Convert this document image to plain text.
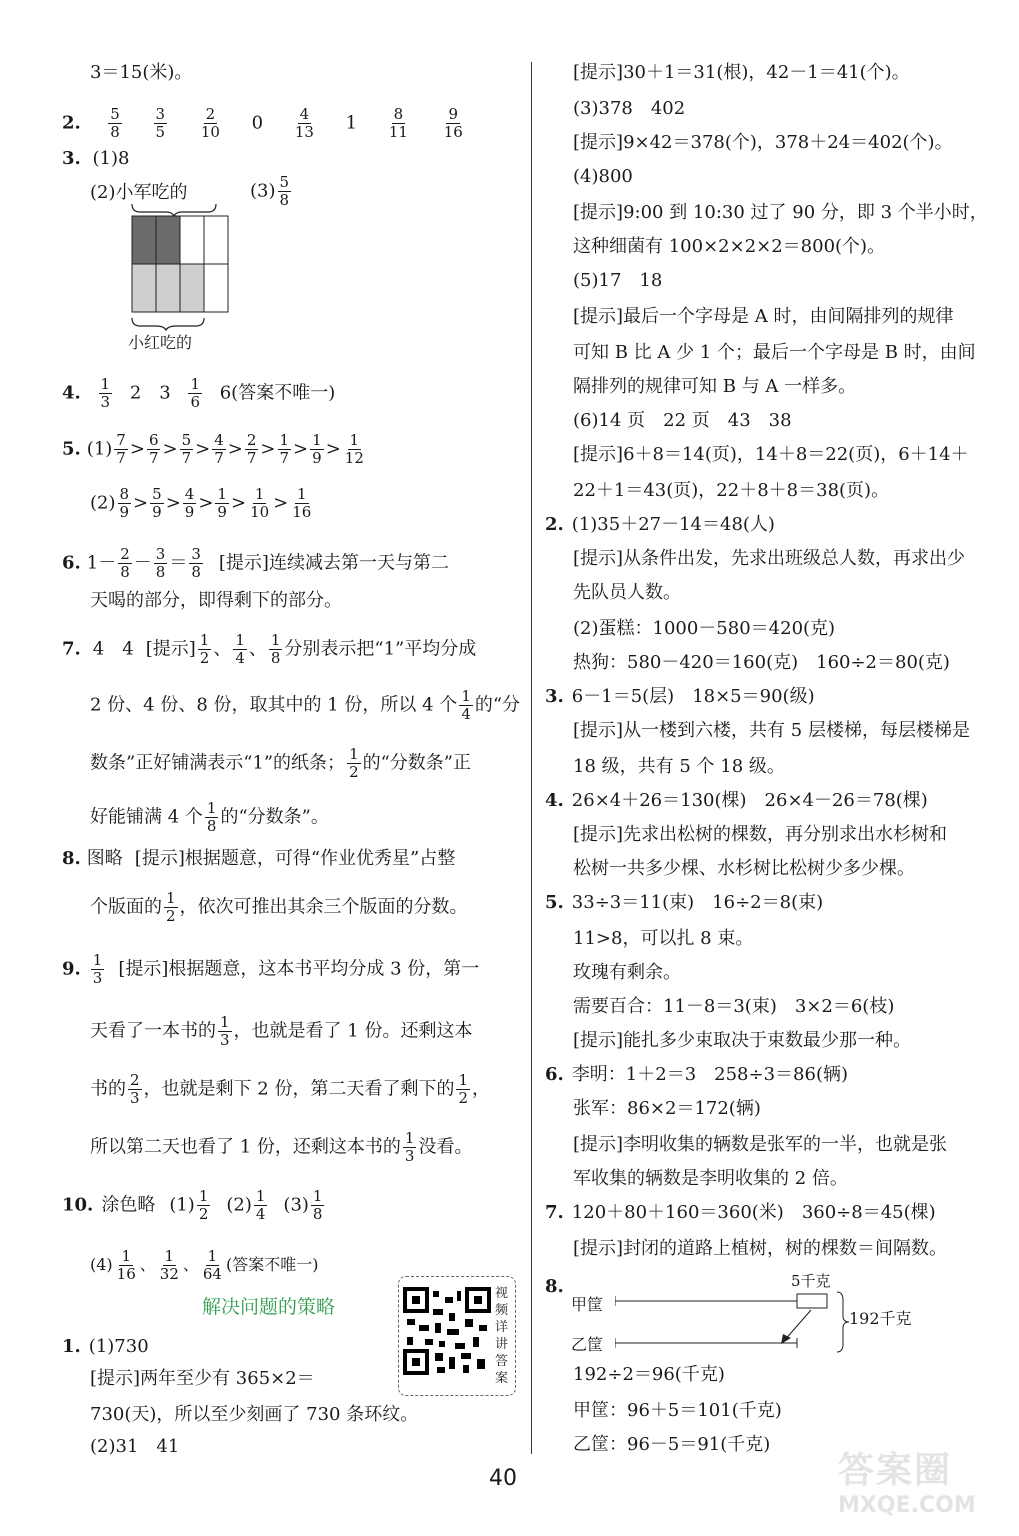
3＝15(米)。
2. $\frac{5}{8}$
$\frac{3}{5}$
$\frac{2}{10} 0 \frac{4}{13} 1 \frac{8}{11}$
$\frac{9}{16}$
3. (1)8
(2)小军吃的	$(3) \frac{5}{8}$
小红吃的
4. $\frac{1}{3} 2$　$3 \frac{1}{6} 6$(答案不唯一)
5. $(1) \frac{7}{7} > \frac{6}{7} > \frac{5}{7} > \frac{4}{7} > \frac{2}{7} > \frac{1}{7} > \frac{1}{9} > \frac{1}{12}$
$(2) \frac{8}{9} > \frac{5}{9} > \frac{4}{9} > \frac{1}{9} > \frac{1}{10} > \frac{1}{16}$
6. $1- \frac{2}{8} - \frac{3}{8} = \frac{3}{8}$ [提示]连续减去第一天与第二
天喝的部分，即得剩下的部分。
7. 4　4 [提示] $\frac{1}{2}$ 、 $\frac{1}{4}$ 、 $\frac{1}{8}$ 分别表示把“1”平均分成
2 份、4 份、8 份，取其中的 1 份，所以 4 个 $\frac{1}{4}$ 的“分
数条”正好铺满表示“1”的纸条； $\frac{1}{2}$ 的“分数条”正
好能铺满 4 个 $\frac{1}{8}$ 的“分数条”。
8. 图略 [提示]根据题意，可得“作业优秀星”占整
个版面的 $\frac{1}{2}$ ，依次可推出其余三个版面的分数。
9. $\frac{1}{3}$ [提示]根据题意，这本书平均分成 3 份，第一
天看了一本书的 $\frac{1}{3}$ ，也就是看了 1 份。还剩这本
书的 $\frac{2}{3}$ ，也就是剩下 2 份，第二天看了剩下的 $\frac{1}{2}$ ，
所以第二天也看了 1 份，还剩这本书的 $\frac{1}{3}$ 没看。
10. 涂色略 $(1) \frac{1}{2} (2) \frac{1}{4} (3) \frac{1}{8}$
$(4) \frac{1}{16}$ 、 $\frac{1}{32}$ 、 $\frac{1}{64}$ (答案不唯一)
解决问题的策略
视频详讲答案
1. (1)730
[提示]两年至少有 365×2＝
730(天)，所以至少刻画了 730 条环纹。
(2)31　41
[提示]30＋1＝31(根)，42－1＝41(个)。
(3)378　402
[提示]9×42＝378(个)，378＋24＝402(个)。
(4)800
[提示]9:00 到 10:30 过了 90 分，即 3 个半小时，
这种细菌有 100×2×2×2＝800(个)。
(5)17　18
[提示]最后一个字母是 A 时，由间隔排列的规律
可知 B 比 A 少 1 个；最后一个字母是 B 时，由间
隔排列的规律可知 B 与 A 一样多。
(6)14 页　22 页　43　38
[提示]6＋8＝14(页)，14＋8＝22(页)，6＋14＋
22＋1＝43(页)，22＋8＋8＝38(页)。
2. (1)35＋27－14＝48(人)
[提示]从条件出发，先求出班级总人数，再求出少
先队员人数。
(2)蛋糕：1000－580＝420(克)
热狗：580－420＝160(克)　160÷2＝80(克)
3. 6－1＝5(层)　18×5＝90(级)
[提示]从一楼到六楼，共有 5 层楼梯，每层楼梯是
18 级，共有 5 个 18 级。
4. 26×4＋26＝130(棵)　26×4－26＝78(棵)
[提示]先求出松树的棵数，再分别求出水杉树和
松树一共多少棵、水杉树比松树少多少棵。
5. 33÷3＝11(束)　16÷2＝8(束)
11>8，可以扎 8 束。
玫瑰有剩余。
需要百合：11－8＝3(束)　3×2＝6(枝)
[提示]能扎多少束取决于束数最少那一种。
6. 李明：1＋2＝3　258÷3＝86(辆)
张军：86×2＝172(辆)
[提示]李明收集的辆数是张军的一半，也就是张
军收集的辆数是李明收集的 2 倍。
7. 120＋80＋160＝360(米)　360÷8＝45(棵)
[提示]封闭的道路上植树，树的棵数＝间隔数。
8.	5千克
甲筐
乙筐
192千克
192÷2＝96(千克)
甲筐：96＋5＝101(千克)
乙筐：96－5＝91(千克)
40	答案圈
MXQE.COM
